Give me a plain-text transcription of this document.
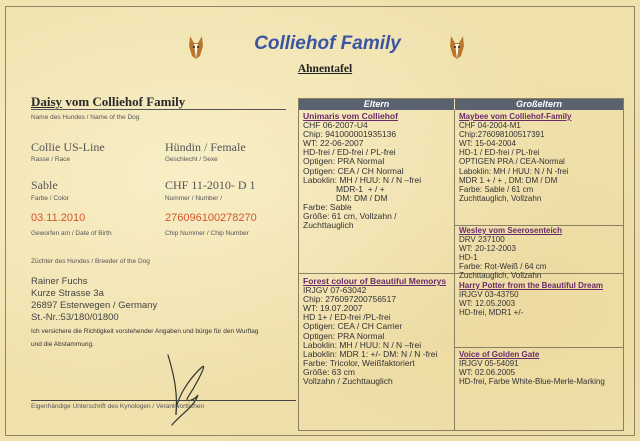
Colliehof Family
Ahnentafel
Daisy vom Colliehof Family
Name des Hundes / Name of the Dog
Collie US-Line
Rasse / Race
Hündin / Female
Geschlecht / Sexe
Sable
Farbe / Color
CHF 11-2010- D 1
Nummer / Number /
03.11.2010
Geworfen am / Date of Birth
276096100278270
Chip Nummer / Chip Number
Züchter des Hundes / Breeder of the Dog
Rainer Fuchs
Kurze Strasse 3a
26897 Esterwegen / Germany
St.-Nr.:53/180/01800
Ich versichere die Richtigkeit vorstehender Angaben und bürge für den Wurftag
und die Abstammung.
Eigenhändige Unterschrift des Kynologen / Verantwortlichen
Eltern	Großeltern
Unimaris vom Colliehof
CHF 06-2007-U4
Chip: 941000001935136
WT: 22-06-2007
HD-frei / ED-frei / PL-frei
Optigen: PRA Normal
Optigen: CEA / CH Normal
Laboklin: MH / HUU: N / N –frei
MDR-1  + / +
DM: DM / DM
Farbe: Sable
Größe: 61 cm, Vollzahn /
Zuchttauglich
Forest colour of Beautiful Memorys
IRJGV 07-63042
Chip: 276097200756517
WT: 19.07.2007
HD 1+ / ED-frei /PL-frei
Optigen: CEA / CH Carrier
Optigen: PRA Normal
Laboklin: MH / HUU: N / N –frei
Laboklin: MDR 1: +/- DM: N / N -frei
Farbe: Tricolor, Weißfaktoriert
Größe: 63 cm
Vollzahn / Zuchttauglich
Maybee vom Colliehof-Family
CHF 04-2004-M1
Chip:276098100517391
WT: 15-04-2004
HD-1 / ED-frei / PL-frei
OPTIGEN PRA / CEA-Normal
Laboklin: MH / HUU: N / N -frei
MDR 1 + / + , DM: DM / DM
Farbe: Sable / 61 cm
Zuchttauglich, Vollzahn
Wesley vom Seerosenteich
DRV 237100
WT: 20-12-2003
HD-1
Farbe: Rot-Weiß / 64 cm
Zuchttauglich, Vollzahn
Harry Potter from the Beautiful Dream
IRJGV 03-43750
WT: 12.05.2003
HD-frei, MDR1 +/-
Voice of Golden Gate
IRJGV 05-54091
WT: 02.06.2005
HD-frei, Farbe White-Blue-Merle-Marking
